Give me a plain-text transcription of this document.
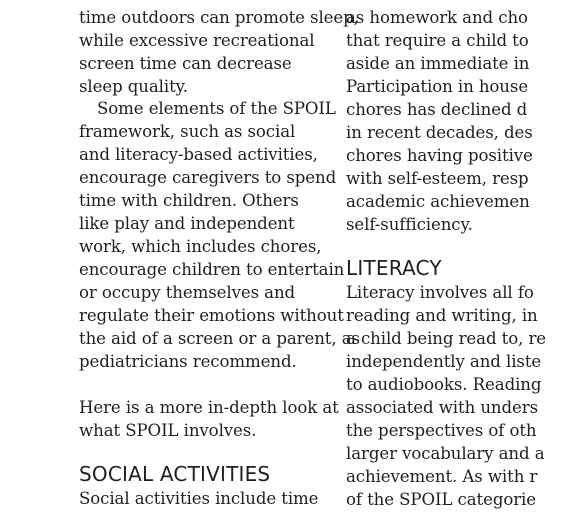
time outdoors can promote sleep,
while excessive recreational
screen time can decrease
sleep quality.
Some elements of the SPOIL
framework, such as social
and literacy-based activities,
encourage caregivers to spend
time with children. Others
like play and independent
work, which includes chores,
encourage children to entertain
or occupy themselves and
regulate their emotions without
the aid of a screen or a parent, as
pediatricians recommend.
Here is a more in-depth look at
what SPOIL involves.
SOCIAL ACTIVITIES
Social activities include time
as homework and cho
that require a child to
aside an immediate in
Participation in house
chores has declined d
in recent decades, des
chores having positive
with self-esteem, resp
academic achievemen
self-sufficiency.
LITERACY
Literacy involves all fo
reading and writing, in
a child being read to, re
independently and liste
to audiobooks. Reading
associated with unders
the perspectives of oth
larger vocabulary and a
achievement. As with r
of the SPOIL categorie
